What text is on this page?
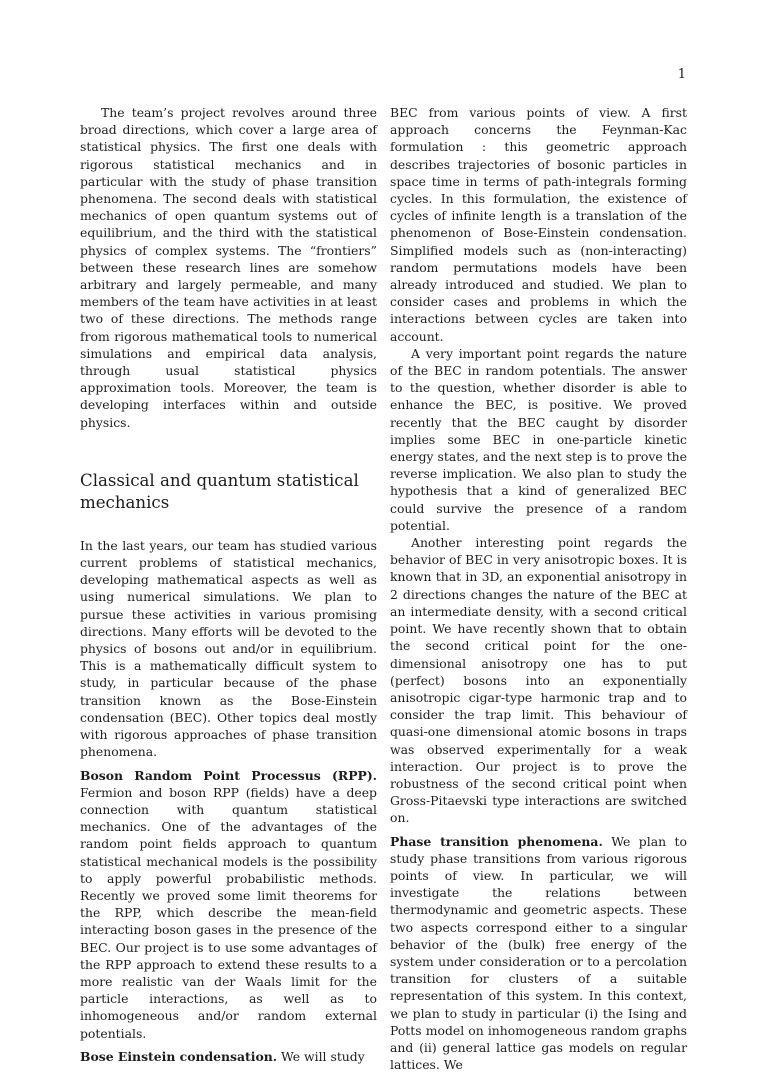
1

The team’s project revolves around three broad directions, which cover a large area of statistical physics. The first one deals with rigorous statistical mechanics and in particular with the study of phase transition phenomena. The second deals with statistical mechanics of open quantum systems out of equilibrium, and the third with the statistical physics of complex systems. The “frontiers” between these research lines are somehow arbitrary and largely permeable, and many members of the team have activities in at least two of these directions. The methods range from rigorous mathematical tools to numerical simulations and empirical data analysis, through usual statistical physics approximation tools. Moreover, the team is developing interfaces within and outside physics.

Classical and quantum statistical mechanics

In the last years, our team has studied various current problems of statistical mechanics, developing mathematical aspects as well as using numerical simulations. We plan to pursue these activities in various promising directions. Many efforts will be devoted to the physics of bosons out and/or in equilibrium. This is a mathematically difficult system to study, in particular because of the phase transition known as the Bose-Einstein condensation (BEC). Other topics deal mostly with rigorous approaches of phase transition phenomena.

Boson Random Point Processus (RPP). Fermion and boson RPP (fields) have a deep connection with quantum statistical mechanics. One of the advantages of the random point fields approach to quantum statistical mechanical models is the possibility to apply powerful probabilistic methods. Recently we proved some limit theorems for the RPP, which describe the mean-field interacting boson gases in the presence of the BEC. Our project is to use some advantages of the RPP approach to extend these results to a more realistic van der Waals limit for the particle interactions, as well as to inhomogeneous and/or random external potentials.

Bose Einstein condensation. We will study

BEC from various points of view. A first approach concerns the Feynman-Kac formulation : this geometric approach describes trajectories of bosonic particles in space time in terms of path-integrals forming cycles. In this formulation, the existence of cycles of infinite length is a translation of the phenomenon of Bose-Einstein condensation. Simplified models such as (non-interacting) random permutations models have been already introduced and studied. We plan to consider cases and problems in which the interactions between cycles are taken into account.

A very important point regards the nature of the BEC in random potentials. The answer to the question, whether disorder is able to enhance the BEC, is positive. We proved recently that the BEC caught by disorder implies some BEC in one-particle kinetic energy states, and the next step is to prove the reverse implication. We also plan to study the hypothesis that a kind of generalized BEC could survive the presence of a random potential.

Another interesting point regards the behavior of BEC in very anisotropic boxes. It is known that in 3D, an exponential anisotropy in 2 directions changes the nature of the BEC at an intermediate density, with a second critical point. We have recently shown that to obtain the second critical point for the one-dimensional anisotropy one has to put (perfect) bosons into an exponentially anisotropic cigar-type harmonic trap and to consider the trap limit. This behaviour of quasi-one dimensional atomic bosons in traps was observed experimentally for a weak interaction. Our project is to prove the robustness of the second critical point when Gross-Pitaevski type interactions are switched on.

Phase transition phenomena. We plan to study phase transitions from various rigorous points of view. In particular, we will investigate the relations between thermodynamic and geometric aspects. These two aspects correspond either to a singular behavior of the (bulk) free energy of the system under consideration or to a percolation transition for clusters of a suitable representation of this system. In this context, we plan to study in particular (i) the Ising and Potts model on inhomogeneous random graphs and (ii) general lattice gas models on regular lattices. We
